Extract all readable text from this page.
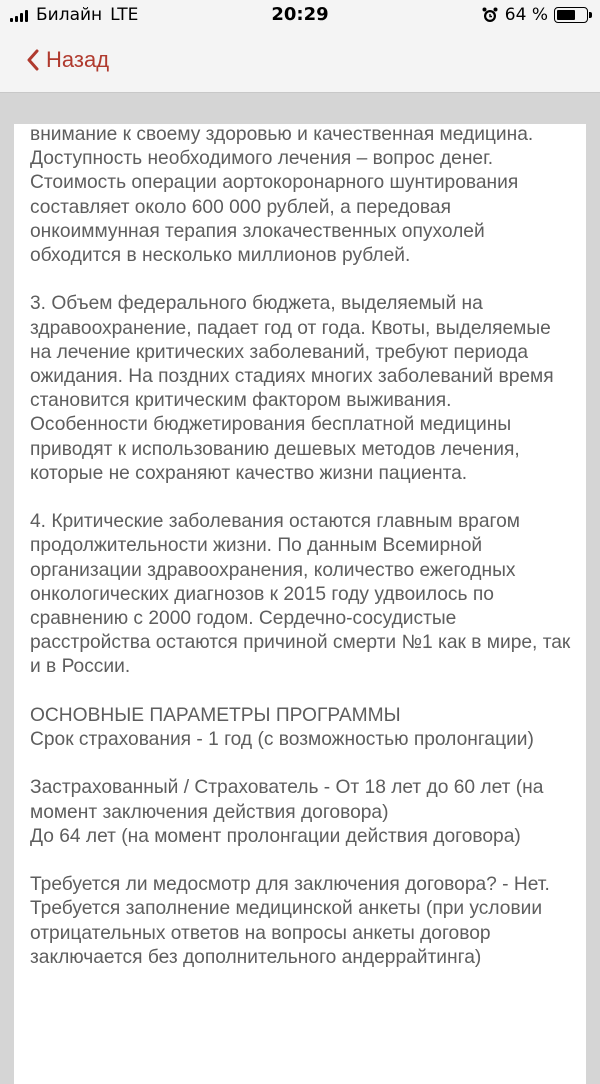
Билайн LTE	20:29	64 %
Назад

внимание к своему здоровью и качественная медицина. Доступность необходимого лечения – вопрос денег. Стоимость операции аортокоронарного шунтирования составляет около 600 000 рублей, а передовая онкоиммунная терапия злокачественных опухолей обходится в несколько миллионов рублей.

3. Объем федерального бюджета, выделяемый на здравоохранение, падает год от года. Квоты, выделяемые на лечение критических заболеваний, требуют периода ожидания. На поздних стадиях многих заболеваний время становится критическим фактором выживания. Особенности бюджетирования бесплатной медицины приводят к использованию дешевых методов лечения, которые не сохраняют качество жизни пациента.

4. Критические заболевания остаются главным врагом продолжительности жизни. По данным Всемирной организации здравоохранения, количество ежегодных онкологических диагнозов к 2015 году удвоилось по сравнению с 2000 годом. Сердечно-сосудистые расстройства остаются причиной смерти №1 как в мире, так и в России.

ОСНОВНЫЕ ПАРАМЕТРЫ ПРОГРАММЫ

Срок страхования - 1 год (с возможностью пролонгации)

Застрахованный / Страхователь - От 18 лет до 60 лет (на момент заключения действия договора)

До 64 лет (на момент пролонгации действия договора)

Требуется ли медосмотр для заключения договора? - Нет. Требуется заполнение медицинской анкеты (при условии отрицательных ответов на вопросы анкеты договор заключается без дополнительного андеррайтинга)
